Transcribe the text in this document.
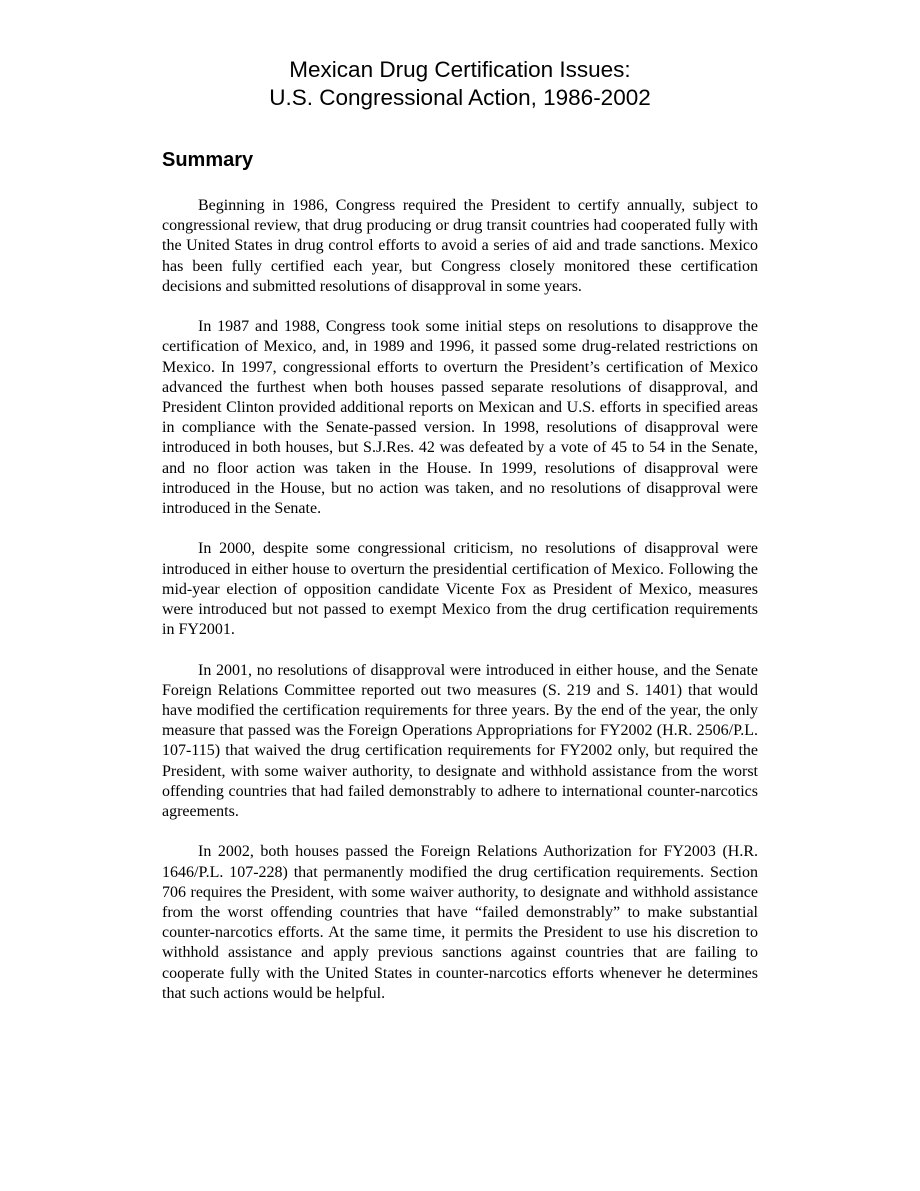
Mexican Drug Certification Issues:
U.S. Congressional Action, 1986-2002
Summary

Beginning in 1986, Congress required the President to certify annually, subject to congressional review, that drug producing or drug transit countries had cooperated fully with the United States in drug control efforts to avoid a series of aid and trade sanctions. Mexico has been fully certified each year, but Congress closely monitored these certification decisions and submitted resolutions of disapproval in some years.

In 1987 and 1988, Congress took some initial steps on resolutions to disapprove the certification of Mexico, and, in 1989 and 1996, it passed some drug-related restrictions on Mexico. In 1997, congressional efforts to overturn the President’s certification of Mexico advanced the furthest when both houses passed separate resolutions of disapproval, and President Clinton provided additional reports on Mexican and U.S. efforts in specified areas in compliance with the Senate-passed version. In 1998, resolutions of disapproval were introduced in both houses, but S.J.Res. 42 was defeated by a vote of 45 to 54 in the Senate, and no floor action was taken in the House. In 1999, resolutions of disapproval were introduced in the House, but no action was taken, and no resolutions of disapproval were introduced in the Senate.

In 2000, despite some congressional criticism, no resolutions of disapproval were introduced in either house to overturn the presidential certification of Mexico. Following the mid-year election of opposition candidate Vicente Fox as President of Mexico, measures were introduced but not passed to exempt Mexico from the drug certification requirements in FY2001.

In 2001, no resolutions of disapproval were introduced in either house, and the Senate Foreign Relations Committee reported out two measures (S. 219 and S. 1401) that would have modified the certification requirements for three years. By the end of the year, the only measure that passed was the Foreign Operations Appropriations for FY2002 (H.R. 2506/P.L. 107-115) that waived the drug certification requirements for FY2002 only, but required the President, with some waiver authority, to designate and withhold assistance from the worst offending countries that had failed demonstrably to adhere to international counter-narcotics agreements.

In 2002, both houses passed the Foreign Relations Authorization for FY2003 (H.R. 1646/P.L. 107-228) that permanently modified the drug certification requirements. Section 706 requires the President, with some waiver authority, to designate and withhold assistance from the worst offending countries that have “failed demonstrably” to make substantial counter-narcotics efforts. At the same time, it permits the President to use his discretion to withhold assistance and apply previous sanctions against countries that are failing to cooperate fully with the United States in counter-narcotics efforts whenever he determines that such actions would be helpful.
